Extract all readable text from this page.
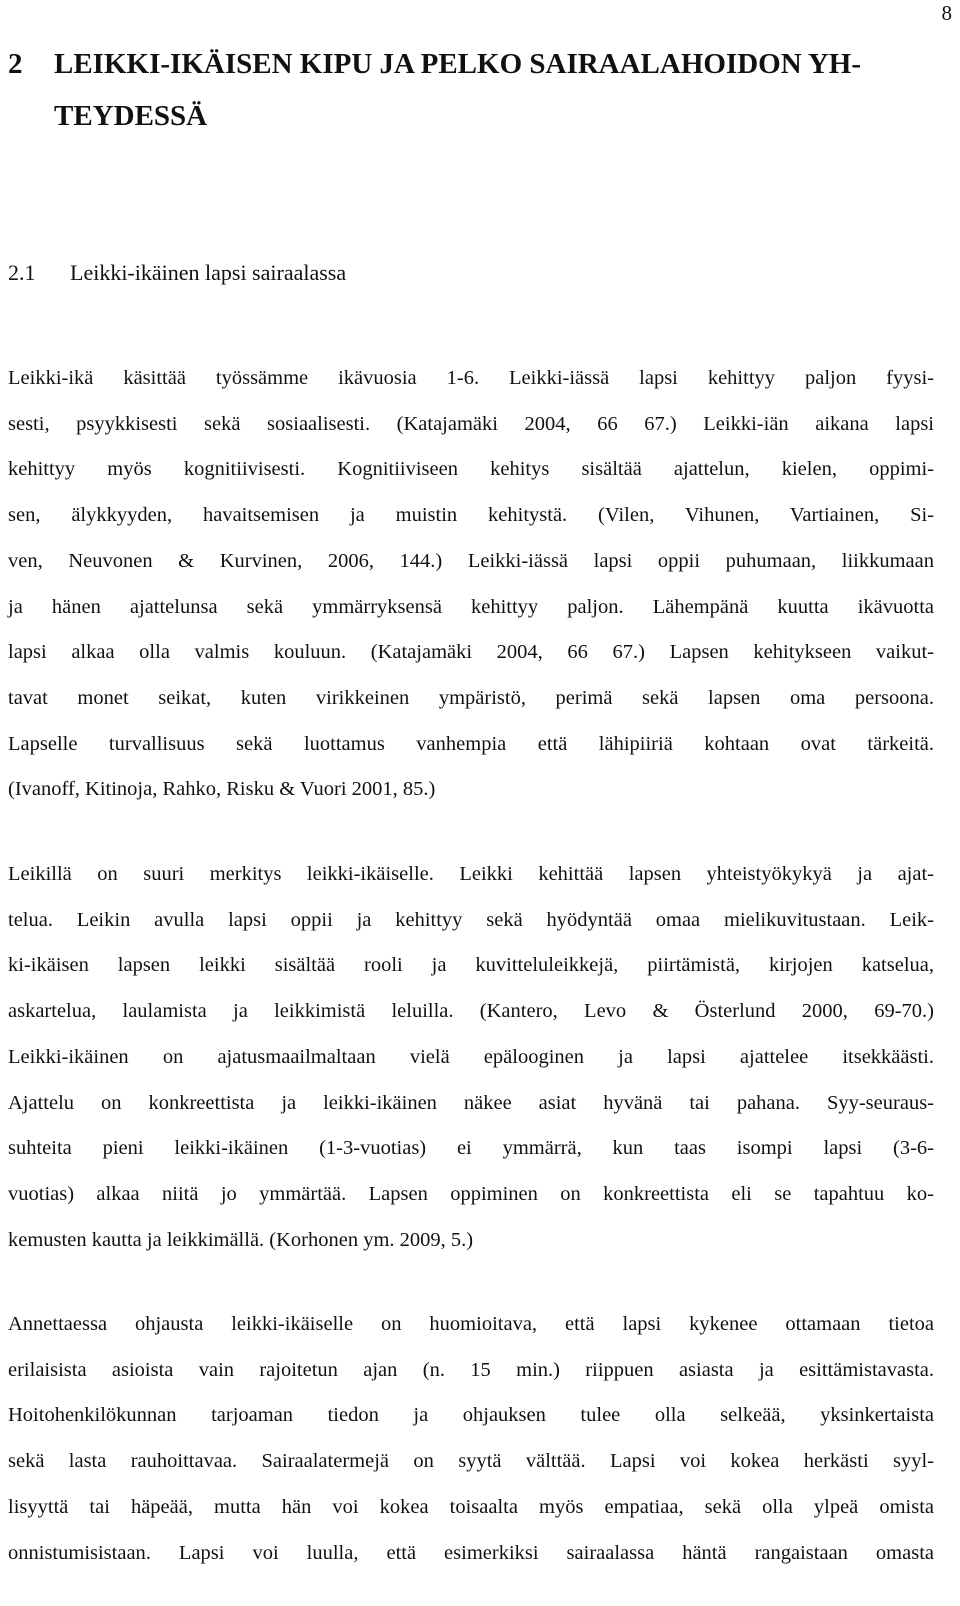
8
2 LEIKKI-IKÄISEN KIPU JA PELKO SAIRAALAHOIDON YH-
TEYDESSÄ
2.1 Leikki-ikäinen lapsi sairaalassa
Leikki-ikä käsittää työssämme ikävuosia 1-6. Leikki-iässä lapsi kehittyy paljon fyysi-
sesti, psyykkisesti sekä sosiaalisesti. (Katajamäki 2004, 66 67.) Leikki-iän aikana lapsi
kehittyy myös kognitiivisesti. Kognitiiviseen kehitys sisältää ajattelun, kielen, oppimi-
sen, älykkyyden, havaitsemisen ja muistin kehitystä. (Vilen, Vihunen, Vartiainen, Si-
ven, Neuvonen & Kurvinen, 2006, 144.) Leikki-iässä lapsi oppii puhumaan, liikkumaan
ja hänen ajattelunsa sekä ymmärryksensä kehittyy paljon. Lähempänä kuutta ikävuotta
lapsi alkaa olla valmis kouluun. (Katajamäki 2004, 66 67.) Lapsen kehitykseen vaikut-
tavat monet seikat, kuten virikkeinen ympäristö, perimä sekä lapsen oma persoona.
Lapselle turvallisuus sekä luottamus vanhempia että lähipiiriä kohtaan ovat tärkeitä.
(Ivanoff, Kitinoja, Rahko, Risku & Vuori 2001, 85.)
Leikillä on suuri merkitys leikki-ikäiselle. Leikki kehittää lapsen yhteistyökykyä ja ajat-
telua. Leikin avulla lapsi oppii ja kehittyy sekä hyödyntää omaa mielikuvitustaan. Leik-
ki-ikäisen lapsen leikki sisältää rooli ja kuvitteluleikkejä, piirtämistä, kirjojen katselua,
askartelua, laulamista ja leikkimistä leluilla. (Kantero, Levo & Österlund 2000, 69-70.)
Leikki-ikäinen on ajatusmaailmaltaan vielä epälooginen ja lapsi ajattelee itsekkäästi.
Ajattelu on konkreettista ja leikki-ikäinen näkee asiat hyvänä tai pahana. Syy-seuraus-
suhteita pieni leikki-ikäinen (1-3-vuotias) ei ymmärrä, kun taas isompi lapsi (3-6-
vuotias) alkaa niitä jo ymmärtää. Lapsen oppiminen on konkreettista eli se tapahtuu ko-
kemusten kautta ja leikkimällä. (Korhonen ym. 2009, 5.)
Annettaessa ohjausta leikki-ikäiselle on huomioitava, että lapsi kykenee ottamaan tietoa
erilaisista asioista vain rajoitetun ajan (n. 15 min.) riippuen asiasta ja esittämistavasta.
Hoitohenkilökunnan tarjoaman tiedon ja ohjauksen tulee olla selkeää, yksinkertaista
sekä lasta rauhoittavaa. Sairaalatermejä on syytä välttää. Lapsi voi kokea herkästi syyl-
lisyyttä tai häpeää, mutta hän voi kokea toisaalta myös empatiaa, sekä olla ylpeä omista
onnistumisistaan. Lapsi voi luulla, että esimerkiksi sairaalassa häntä rangaistaan omasta
